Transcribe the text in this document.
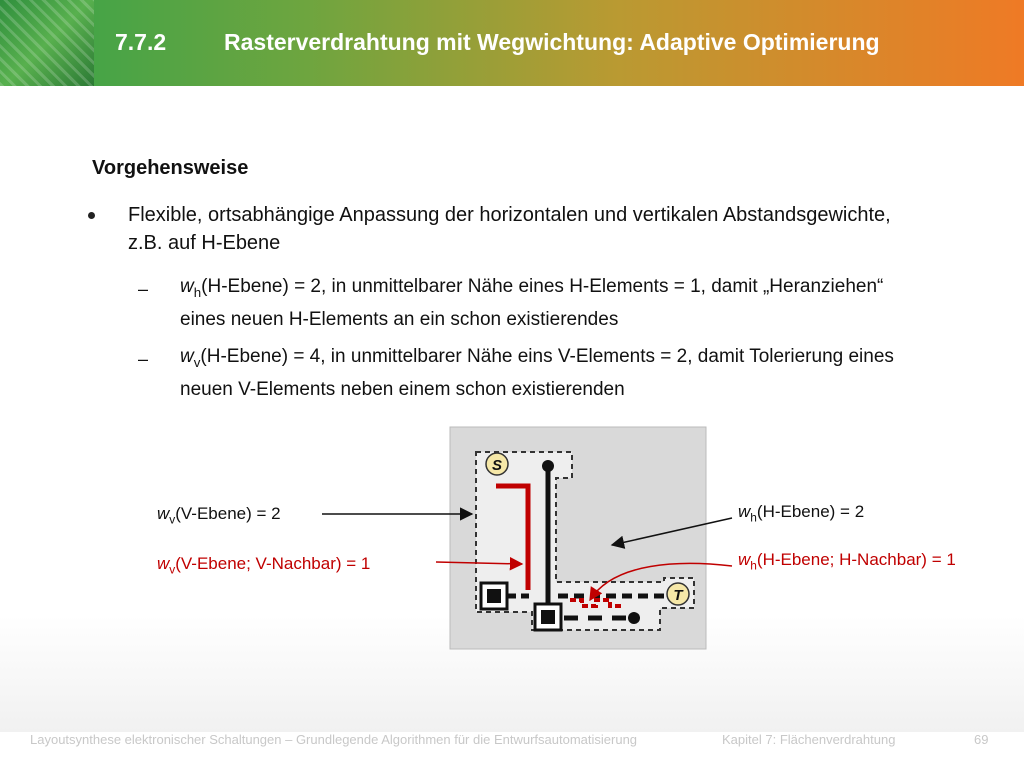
7.7.2	Rasterverdrahtung mit Wegwichtung: Adaptive Optimierung
Vorgehensweise
Flexible, ortsabhängige Anpassung der horizontalen und vertikalen Abstandsgewichte, z.B. auf H-Ebene
– $w_h(H-Ebene) = 2$, in unmittelbarer Nähe eines H-Elements = 1, damit „Heranziehen“ eines neuen H-Elements an ein schon existierendes
– $w_v(H-Ebene) = 4$, in unmittelbarer Nähe eins V-Elements = 2, damit Tolerierung eines neuen V-Elements neben einem schon existierenden
S
T
$w_v(V-Ebene) = 2$
$w_v(V$-Ebene; V-Nachbar) = 1
$w_h(H-Ebene) = 2$
$w_h(H$-Ebene; H-Nachbar) = 1
Layoutsynthese elektronischer Schaltungen – Grundlegende Algorithmen für die Entwurfsautomatisierung	Kapitel 7: Flächenverdrahtung	69
